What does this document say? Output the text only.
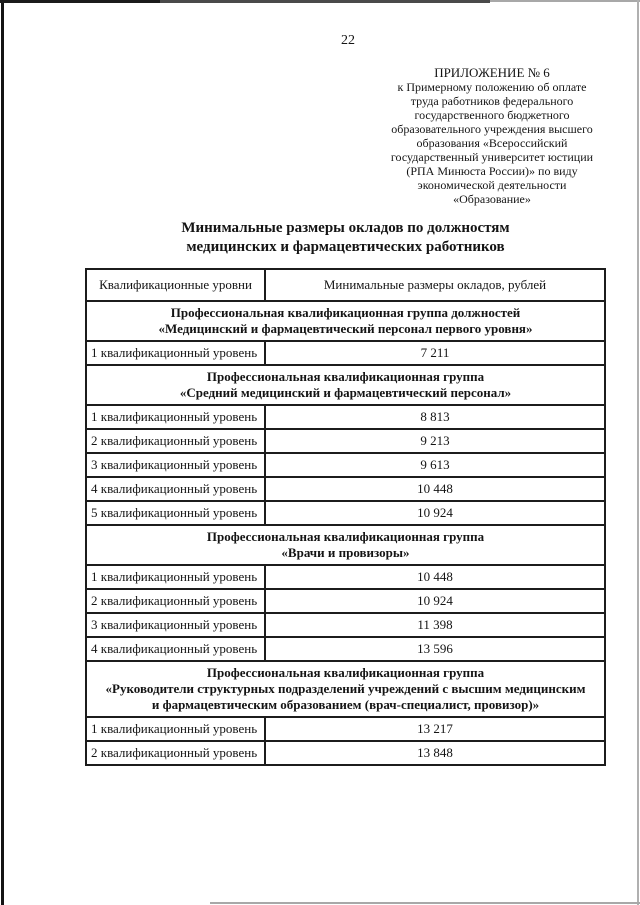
22
ПРИЛОЖЕНИЕ № 6
к Примерному положению об оплате
труда работников федерального
государственного бюджетного
образовательного учреждения высшего
образования «Всероссийский
государственный университет юстиции
(РПА Минюста России)» по виду
экономической деятельности
«Образование»
Минимальные размеры окладов по должностям
медицинских и фармацевтических работников
Квалификационные уровни	Минимальные размеры окладов, рублей

Профессиональная квалификационная группа должностей
«Медицинский и фармацевтический персонал первого уровня»	

1 квалификационный уровень	7 211

Профессиональная квалификационная группа
«Средний медицинский и фармацевтический персонал»	

1 квалификационный уровень	8 813
2 квалификационный уровень	9 213
3 квалификационный уровень	9 613
4 квалификационный уровень	10 448
5 квалификационный уровень	10 924

Профессиональная квалификационная группа
«Врачи и провизоры»	

1 квалификационный уровень	10 448
2 квалификационный уровень	10 924
3 квалификационный уровень	11 398
4 квалификационный уровень	13 596

Профессиональная квалификационная группа
«Руководители структурных подразделений учреждений с высшим медицинским
и фармацевтическим образованием (врач-специалист, провизор)»	

1 квалификационный уровень	13 217
2 квалификационный уровень	13 848
